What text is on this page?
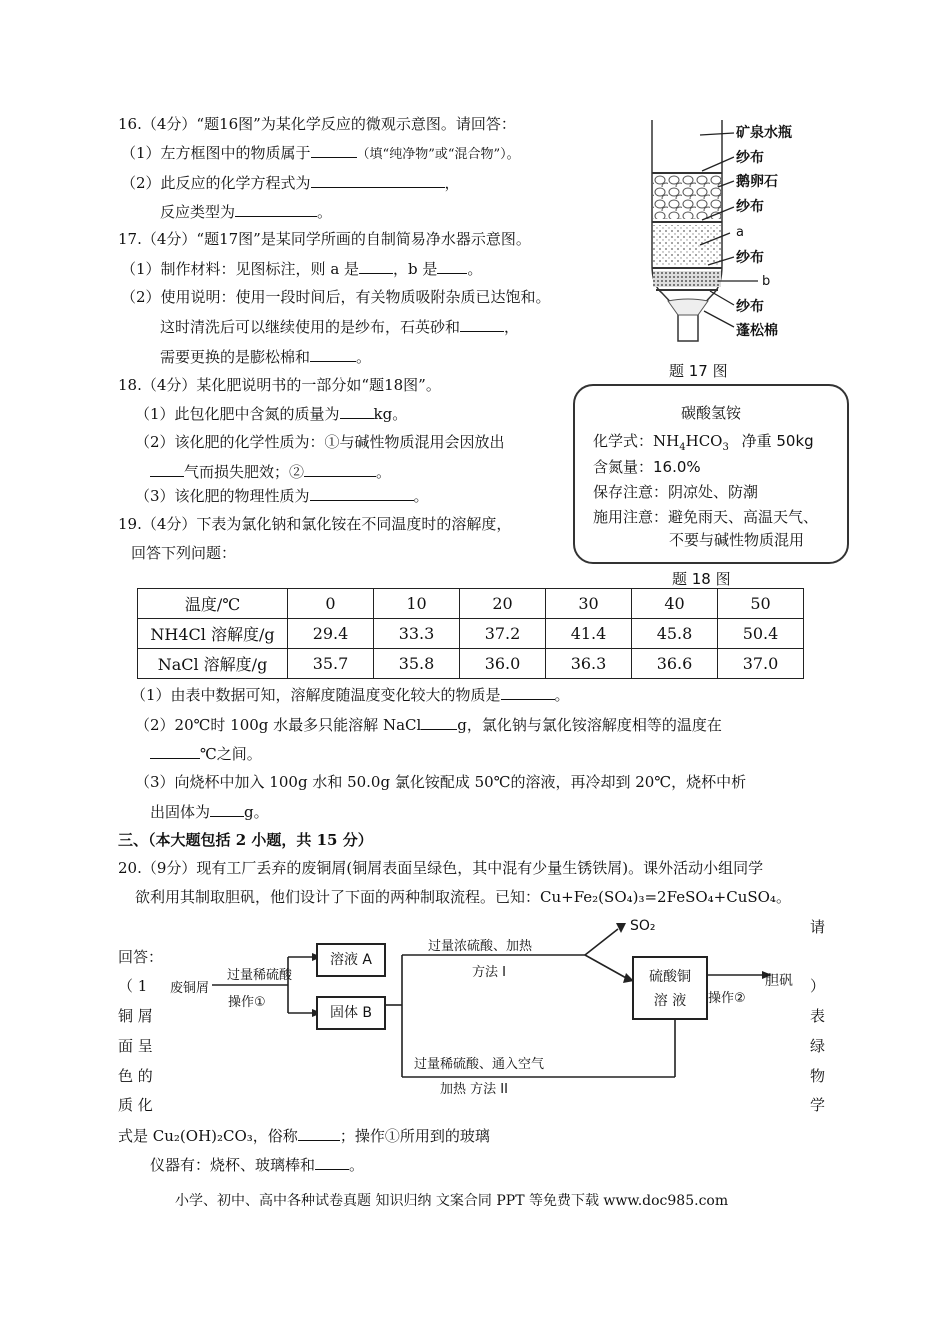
16.（4分）“题16图”为某化学反应的微观示意图。请回答：
（1）左方框图中的物质属于	（填“纯净物”或“混合物”）。
（2）此反应的化学方程式为	，
反应类型为	。
17.（4分）“题17图”是某同学所画的自制简易净水器示意图。
（1）制作材料：见图标注，则 a 是 ，b 是 。
（2）使用说明：使用一段时间后，有关物质吸附杂质已达饱和。
这时清洗后可以继续使用的是纱布，石英砂和	，
需要更换的是膨松棉和	。
矿泉水瓶
纱布
鹅卵石
纱布
a
纱布
b
纱布
蓬松棉
题 17 图
18.（4分）某化肥说明书的一部分如“题18图”。
（1）此包化肥中含氮的质量为 kg。
（2）该化肥的化学性质为：①与碱性物质混用会因放出
气而损失肥效；②	。
（3）该化肥的物理性质为	。
碳酸氢铵
化学式：$NH_4HCO_3$ 净重 50kg
含氮量：16.0%
保存注意：阴凉处、防潮
施用注意：避免雨天、高温天气、
不要与碱性物质混用
题 18 图
19.（4分）下表为氯化钠和氯化铵在不同温度时的溶解度，
回答下列问题：
温度/℃	0	10	20	30	40	50
NH4Cl 溶解度/g	29.4	33.3	37.2	41.4	45.8	50.4
NaCl 溶解度/g	35.7	35.8	36.0	36.3	36.6	37.0
（1）由表中数据可知，溶解度随温度变化较大的物质是	。
（2）20℃时 100g 水最多只能溶解 NaCl g，氯化钠与氯化铵溶解度相等的温度在
℃之间。
（3）向烧杯中加入 100g 水和 50.0g 氯化铵配成 50℃的溶液，再冷却到 20℃，烧杯中析
出固体为 g。
三、（本大题包括 2 小题，共 15 分）
20.（9分）现有工厂丢弃的废铜屑(铜屑表面呈绿色，其中混有少量生锈铁屑)。课外活动小组同学
欲利用其制取胆矾，他们设计了下面的两种制取流程。已知：Cu+Fe₂(SO₄)₃=2FeSO₄+CuSO₄。
请
）
表
绿
物
学
回答：
（ 1
铜 屑
面 呈
色 的
质 化
溶液 A
固体 B
硫酸铜
溶 液
废铜屑
过量稀硫酸
操作①
过量浓硫酸、加热
方法 I
SO₂
操作②
胆矾
过量稀硫酸、通入空气
加热 方法 II
式是 Cu₂(OH)₂CO₃，俗称	；操作①所用到的玻璃
仪器有：烧杯、玻璃棒和 。
小学、初中、高中各种试卷真题 知识归纳 文案合同 PPT 等免费下载 www.doc985.com
